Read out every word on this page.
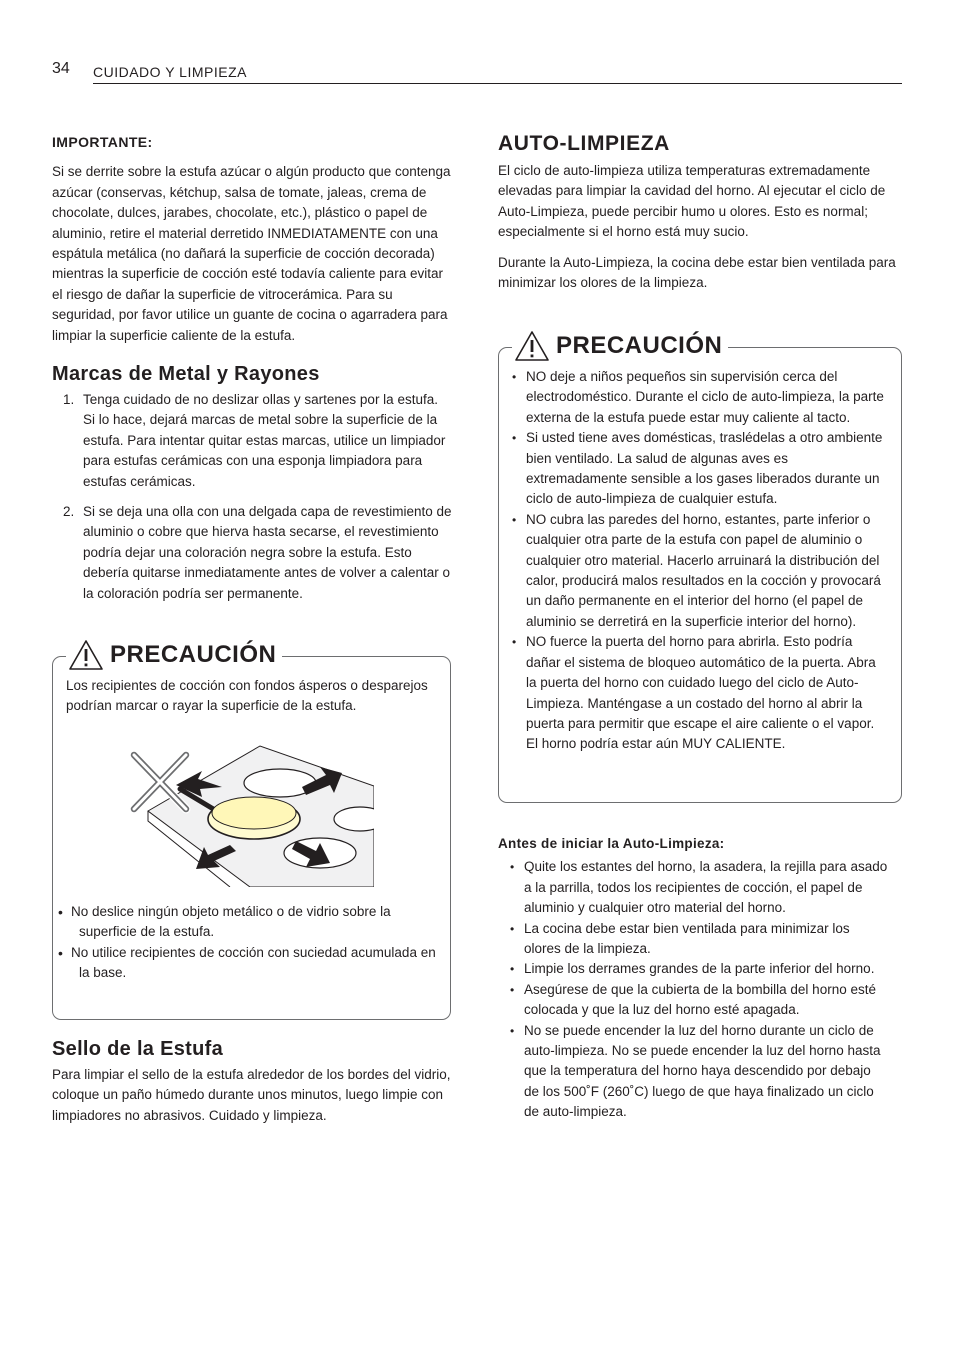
34 CUIDADO Y LIMPIEZA

IMPORTANTE:

Si se derrite sobre la estufa azúcar o algún producto que contenga azúcar (conservas, kétchup, salsa de tomate, jaleas, crema de chocolate, dulces, jarabes, chocolate, etc.), plástico o papel de aluminio, retire el material derretido INMEDIATAMENTE con una espátula metálica (no dañará la superficie de cocción decorada) mientras la superficie de cocción esté todavía caliente para evitar el riesgo de dañar la superficie de vitrocerámica. Para su seguridad, por favor utilice un guante de cocina o agarradera para limpiar la superficie caliente de la estufa.

Marcas de Metal y Rayones
1. Tenga cuidado de no deslizar ollas y sartenes por la estufa. Si lo hace, dejará marcas de metal sobre la superficie de la estufa. Para intentar quitar estas marcas, utilice un limpiador para estufas cerámicas con una esponja limpiadora para estufas cerámicas.
2. Si se deja una olla con una delgada capa de revestimiento de aluminio o cobre que hierva hasta secarse, el revestimiento podría dejar una coloración negra sobre la estufa. Esto debería quitarse inmediatamente antes de volver a calentar o la coloración podría ser permanente.
PRECAUCIÓN

Los recipientes de cocción con fondos ásperos o desparejos podrían marcar o rayar la superficie de la estufa.

• No deslice ningún objeto metálico o de vidrio sobre la superficie de la estufa.
• No utilice recipientes de cocción con suciedad acumulada en la base.
Sello de la Estufa

Para limpiar el sello de la estufa alrededor de los bordes del vidrio, coloque un paño húmedo durante unos minutos, luego limpie con limpiadores no abrasivos. Cuidado y limpieza.

AUTO-LIMPIEZA

El ciclo de auto-limpieza utiliza temperaturas extremadamente elevadas para limpiar la cavidad del horno. Al ejecutar el ciclo de Auto-Limpieza, puede percibir humo u olores. Esto es normal; especialmente si el horno está muy sucio.

Durante la Auto-Limpieza, la cocina debe estar bien ventilada para minimizar los olores de la limpieza.

PRECAUCIÓN
• NO deje a niños pequeños sin supervisión cerca del electrodoméstico. Durante el ciclo de auto-limpieza, la parte externa de la estufa puede estar muy caliente al tacto.
• Si usted tiene aves domésticas, traslédelas a otro ambiente bien ventilado. La salud de algunas aves es extremadamente sensible a los gases liberados durante un ciclo de auto-limpieza de cualquier estufa.
• NO cubra las paredes del horno, estantes, parte inferior o cualquier otra parte de la estufa con papel de aluminio o cualquier otro material. Hacerlo arruinará la distribución del calor, producirá malos resultados en la cocción y provocará un daño permanente en el interior del horno (el papel de aluminio se derretirá en la superficie interior del horno).
• NO fuerce la puerta del horno para abrirla. Esto podría dañar el sistema de bloqueo automático de la puerta. Abra la puerta del horno con cuidado luego del ciclo de Auto-Limpieza. Manténgase a un costado del horno al abrir la puerta para permitir que escape el aire caliente o el vapor. El horno podría estar aún MUY CALIENTE.

Antes de iniciar la Auto-Limpieza:

• Quite los estantes del horno, la asadera, la rejilla para asado a la parrilla, todos los recipientes de cocción, el papel de aluminio y cualquier otro material del horno.
• La cocina debe estar bien ventilada para minimizar los olores de la limpieza.
• Limpie los derrames grandes de la parte inferior del horno.
• Asegúrese de que la cubierta de la bombilla del horno esté colocada y que la luz del horno esté apagada.
• No se puede encender la luz del horno durante un ciclo de auto-limpieza. No se puede encender la luz del horno hasta que la temperatura del horno haya descendido por debajo de los 500˚F (260˚C) luego de que haya finalizado un ciclo de auto-limpieza.
